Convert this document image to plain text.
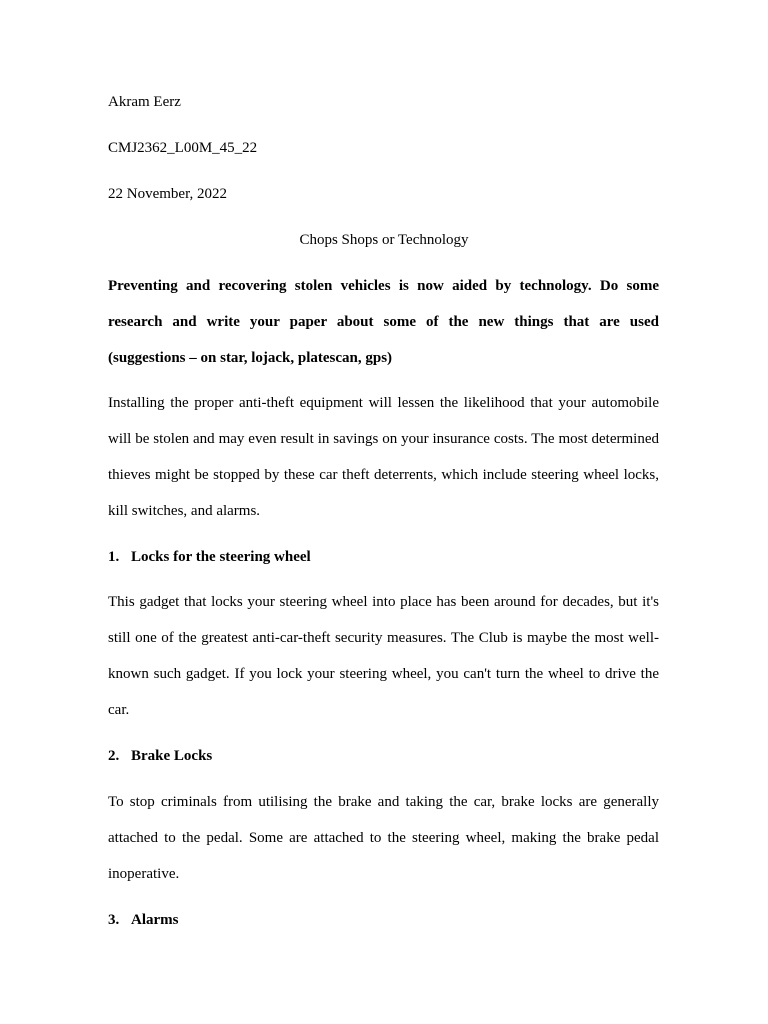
Akram Eerz
CMJ2362_L00M_45_22
22 November, 2022
Chops Shops or Technology
Preventing and recovering stolen vehicles is now aided by technology. Do some research and write your paper about some of the new things that are used (suggestions – on star, lojack, platescan, gps)
Installing the proper anti-theft equipment will lessen the likelihood that your automobile will be stolen and may even result in savings on your insurance costs. The most determined thieves might be stopped by these car theft deterrents, which include steering wheel locks, kill switches, and alarms.
1. Locks for the steering wheel
This gadget that locks your steering wheel into place has been around for decades, but it's still one of the greatest anti-car-theft security measures. The Club is maybe the most well-known such gadget. If you lock your steering wheel, you can't turn the wheel to drive the car.
2. Brake Locks
To stop criminals from utilising the brake and taking the car, brake locks are generally attached to the pedal. Some are attached to the steering wheel, making the brake pedal inoperative.
3. Alarms
